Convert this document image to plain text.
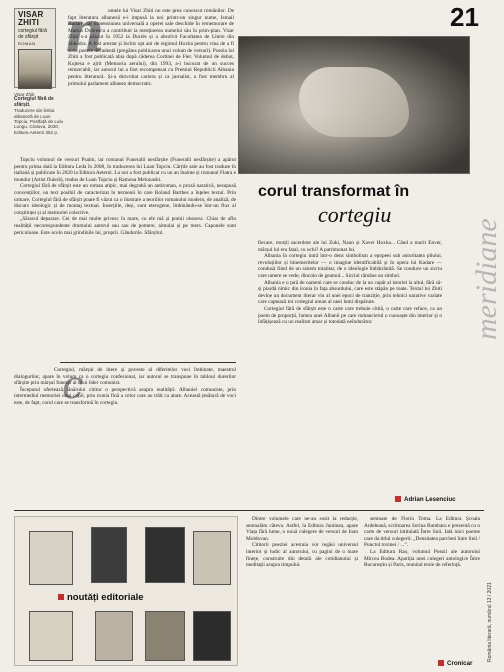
VISAR ZHITI
cortegiul fără de sfârșit
ROMAN
Visar Zhiti
Cortegiul fără de sfârșit.
Traducere din limba albaneză de Luan Topciu. Postfață de Lulu Lungu. Craiova, 2020, Editura Aeterni 352 p.
n umele lui Visar Zhiti nu este prea cunoscut românilor. De fapt literatura albaneză e-i impusă la noi printr-un singur nume, Ismail Kadare, iar dimensiunea universală a operei sale deschide în rememorare de Marius Dobrescu a contribuit la menținerea numelui său în prim-plan. Visar Zhiti s-a născut în 1952 la Durrës și a absolvit Facultatea de Litere din Shkodra. A fost arestat și închis opt ani de regimul Hoxha pentru vina de a fi scris poezie decadentă (pregătea publicarea unui volum de versuri). Poezia lui Zhiti a fost publicată abia după căderea Cortinei de Fier. Volumul de debut, Kujtesa e ajrit (Memoria aerului), din 1993, a-i bucurat de un succes remarcabil, iar autorul lui a fost recompensat cu Premiul Republicii Albania pentru literatură. Și-a dezvoltat cariera și ca jurnalist, a fost membru al primului parlament albanez democratic.

Topciu volumul de versuri Psalm, iar romanul Funeralii nesfârșite (Funeralii nesfârșite) a apărut pentru prima dată la Editura Leda în 2008, în traducerea lui Luan Topciu. Cărțile sale au fost traduse în italiană și publicate în 2020 la Editura Aeterni. La noi a fost publicat cu un an înainte și romanul Flatra e mundur (Artist fluieră), tradus de Luan Topciu și Ramona Melonashi.

Cortegiul fără de sfârșit este un roman atipic, mai degrabă un antiroman, o proză narativă, nesupusă convențiilor, un text posibil de caracterizat în termenii în care Roland Barthes a înțeles textul. Prin urmare, Cortegiul fără de sfârșit poate fi văzut ca o ilustrare a teoriilor romanului modern, de analiză, de discurs ideologic și de montaj textual. Inserțiile, deși, sunt eterogene, îmbinându-se într-un flux al conștiinței și al memoriei colective.

„Săracul deparare. Cei de mai multe privesc în mare, cu ele mă și pomii obosesc. Chiar de aflu realității necorespondente drumului autorul sau sau de pomere, aimulai și pe mers. Caponele sunt periculoase. Este acolo mai grindinile lui, proprii. Gândurile. Sfârșitul.

c

Cortegiul, mărșul de litere și poveste al diferitelor voci îmbinate, maestrul dialogurilor, apare în volum ca o cortegiu confesional, iar autorul se transpune în tabloul durerilor sfârșite prin mărșul funerar al unui lider comunist.

Începutul ofertează tânărului cititor o perspectivă asupra realității: Albaniei comuniste, prin intermediul memoriei unui copil, prin ironia fină a celor care au trăit ca atare. Această țesătură de voci este, de fapt, corul care se transformă în cortegiu.

21
corul transformat în
cortegiu
meridiane

fiecare, morții sacerdote ale lui Zuki, Naun și Xaver Hoxha... Când a murit Enver, mărșul lui era fatal, cu ochi? A patrimonat lui.

Albania în cortegiu intră într-o dens simbolism a epopeei sub autoritatea pliului, revoluțiilor și binemeritelor — o imagine identificabilă și în opera lui Kadare — condusă fiind de un sistem totalitar, de o ideologie îmbătrânită. Se conduce un sicriu care umere se vede, dincolo de geamul... Sicriul rămâne un simbol.

Albania e o țară de oameni care se conduc de la un capăt al istoriei la altul, fără să-și piardă nimic din ironia în fața absurdului, care este stăpân pe toate. Textul lui Zhiti devine un document literar viu al unei epoci de tranziție, prin tehnici narative variate care captează tot cortegiul uman al unei lumi dispărute.

Cortegiul fără de sfârșit este o carte care trebuie citită, o carte care reface, ca un poem de proporții, lumea unei Albanii pe care romancierul o cunoaște din interior și o înfățișează cu un realism amar și totodată neîndurător.

Adrian Lesenciuc
noutăți editoriale

Dintre volumele care ne-au sosit la redacție, semnalăm câteva. Astfel, la Editura Junimea, apare Viața fără lume, o nouă culegere de versuri de Ioan Moldovan.

Cititorii poeziei acestuia vor regăsi universul interior și ludic al autorului, cu pagini de o mare finețe, construite din detalii ale cotidianului și meditații asupra timpului.

semnate de Florin Toma. La Editura Școala Ardeleană, scriitoarea Sorina Bumbaru e prezentă cu o carte de versuri intitulată Între linii. Iată mici poeme care da titlul culegerii: „Densitatea parcheti între linii / Punctul toxinei / ...”.

La Editura Rao, volumul Poezii ale autorului Mircea Bodea. Apariția unei culegeri antologice Între Bucureștiu și Paris, reunind texte de referință.

România literară, numărul 13 / 2021
Cronicar
